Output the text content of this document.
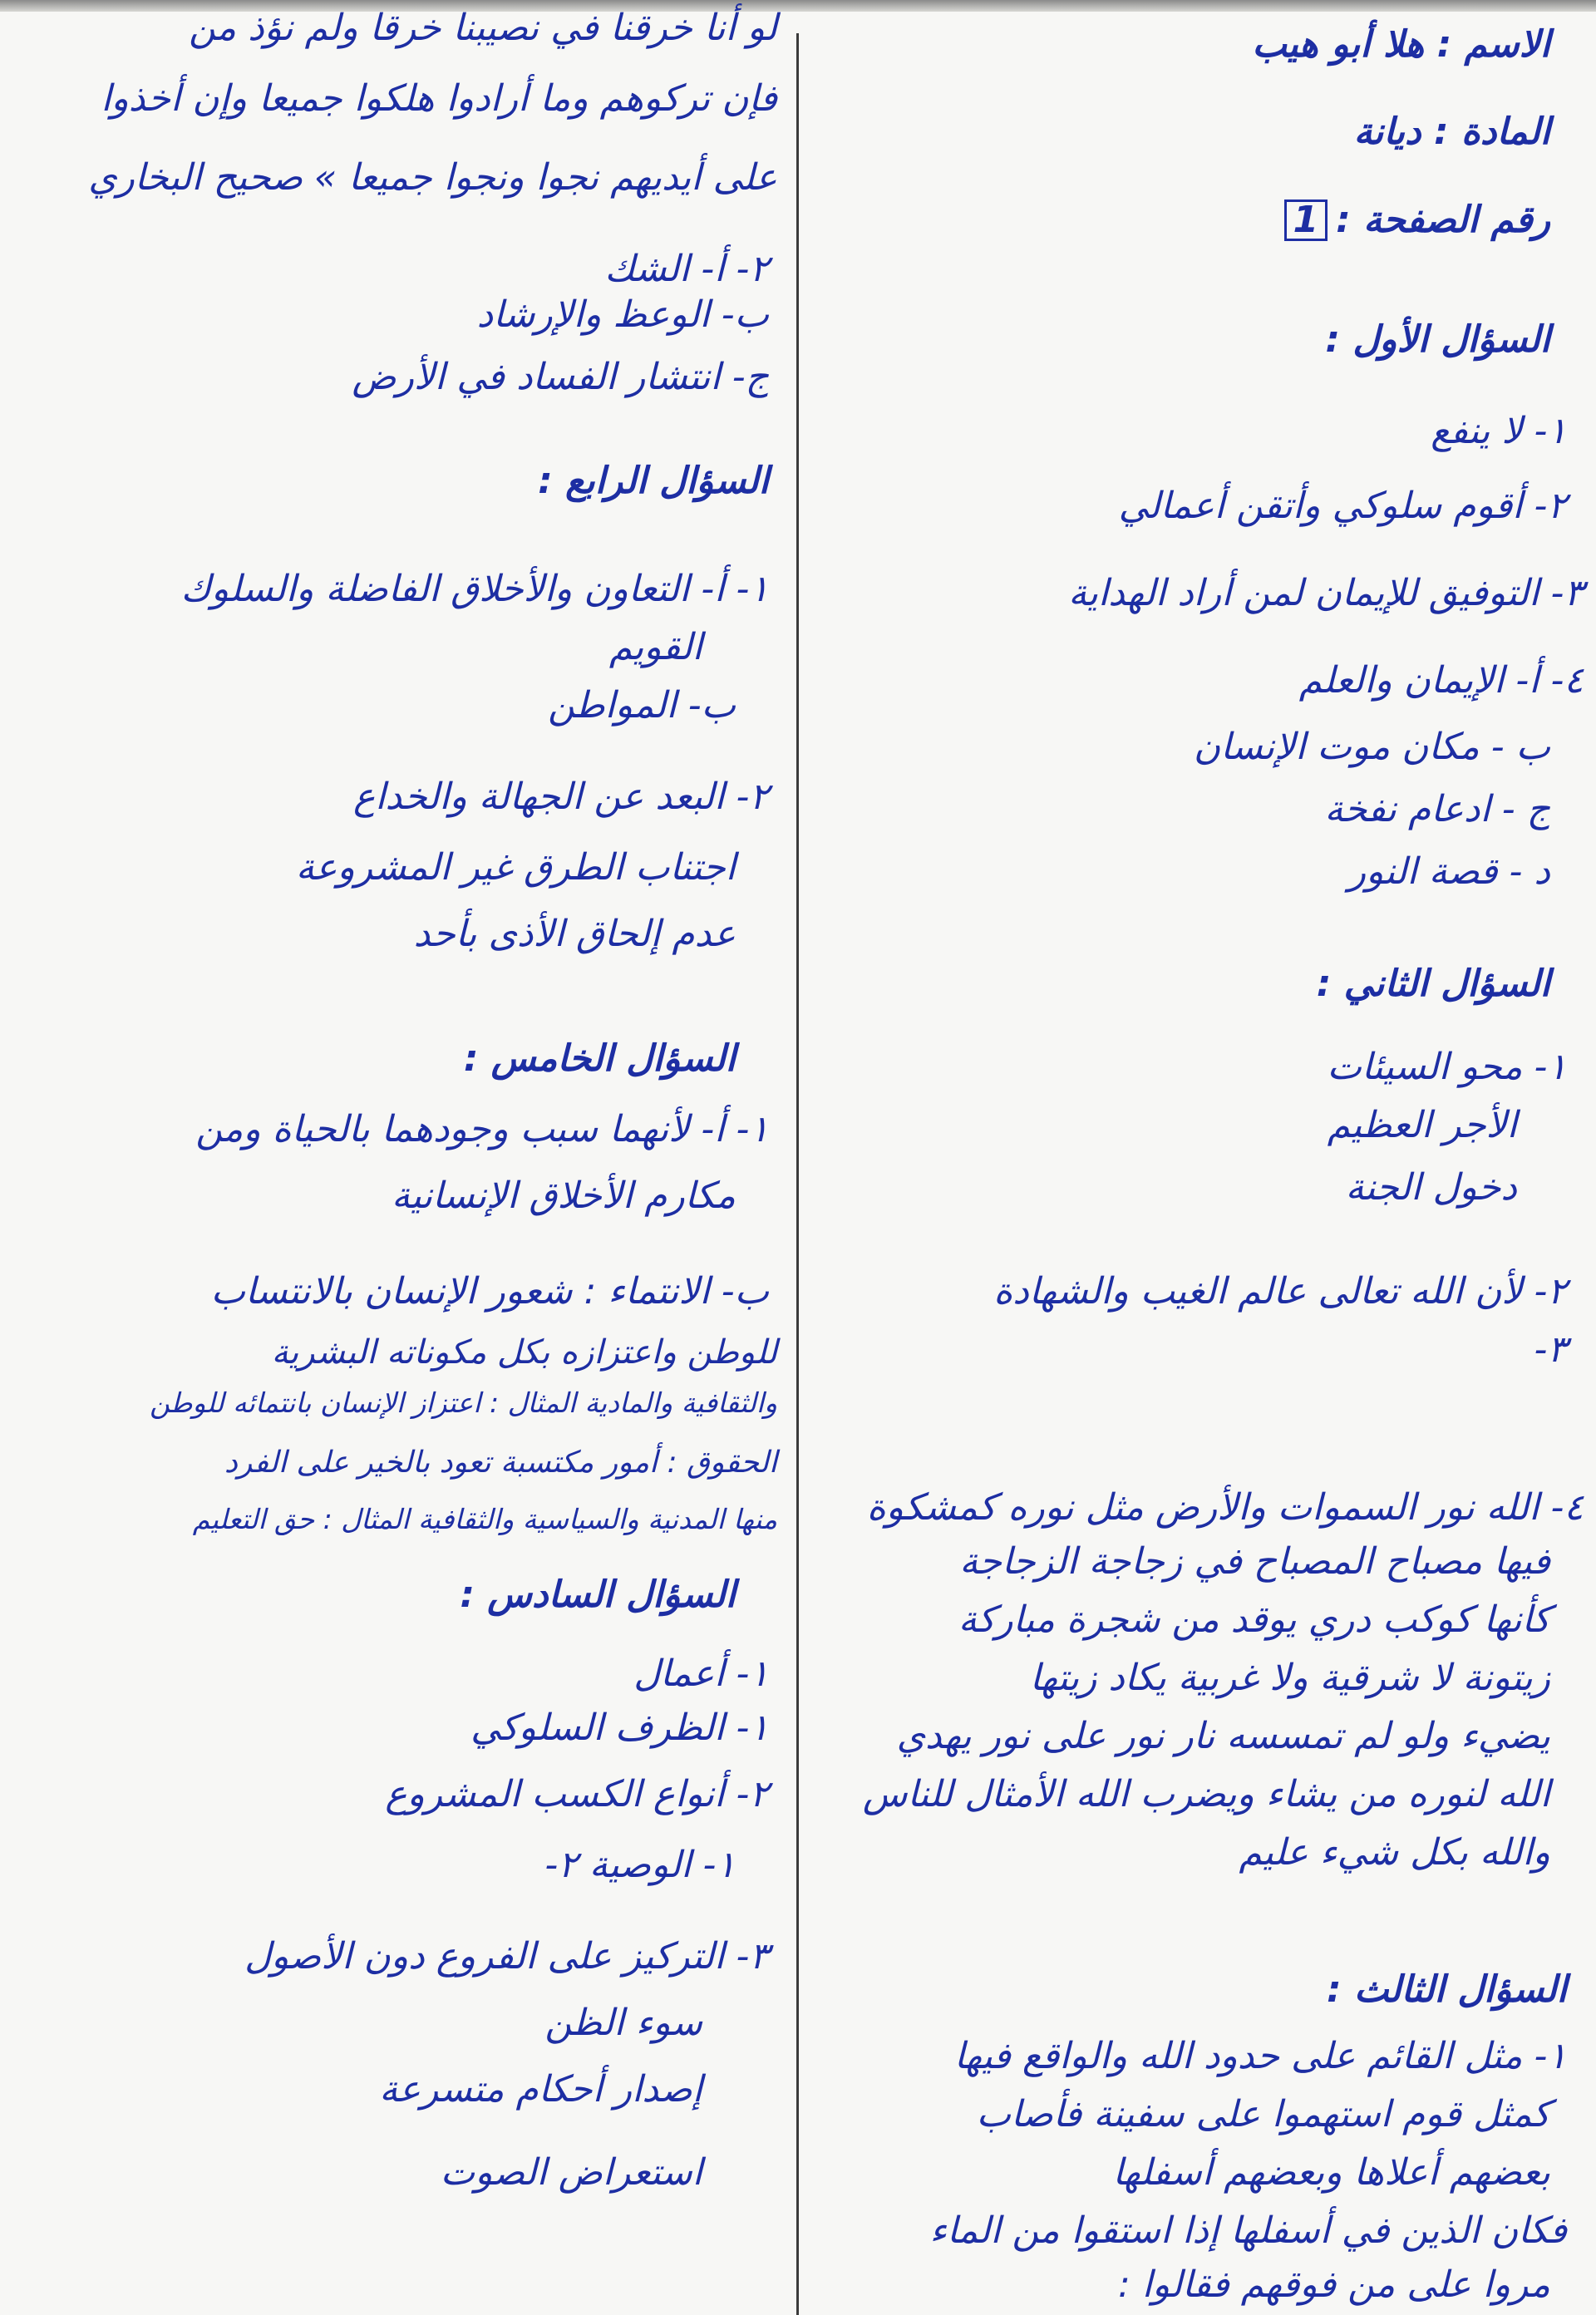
الاسم : هلا أبو هيب
المادة : ديانة
رقم الصفحة :1
السؤال الأول :
١- لا ينفع
٢- أقوم سلوكي وأتقن أعمالي
٣- التوفيق للإيمان لمن أراد الهداية
٤- أ- الإيمان والعلم
ب - مكان موت الإنسان
ج - ادعام نفخة
د - قصة النور
السؤال الثاني :
١- محو السيئات
الأجر العظيم
دخول الجنة
٢- لأن الله تعالى عالم الغيب والشهادة
٣-
٤- الله نور السموات والأرض مثل نوره كمشكوة
فيها مصباح المصباح في زجاجة الزجاجة
كأنها كوكب دري يوقد من شجرة مباركة
زيتونة لا شرقية ولا غربية يكاد زيتها
يضيء ولو لم تمسسه نار نور على نور يهدي
الله لنوره من يشاء ويضرب الله الأمثال للناس
والله بكل شيء عليم
السؤال الثالث :
١- مثل القائم على حدود الله والواقع فيها
كمثل قوم استهموا على سفينة فأصاب
بعضهم أعلاها وبعضهم أسفلها
فكان الذين في أسفلها إذا استقوا من الماء
مروا على من فوقهم فقالوا :
لو أنا خرقنا في نصيبنا خرقا ولم نؤذ من
فإن تركوهم وما أرادوا هلكوا جميعا وإن أخذوا
على أيديهم نجوا ونجوا جميعا » صحيح البخاري
٢- أ- الشك
ب- الوعظ والإرشاد
ج- انتشار الفساد في الأرض
السؤال الرابع :
١- أ- التعاون والأخلاق الفاضلة والسلوك
القويم
ب- المواطن
٢- البعد عن الجهالة والخداع
اجتناب الطرق غير المشروعة
عدم إلحاق الأذى بأحد
السؤال الخامس :
١- أ- لأنهما سبب وجودهما بالحياة ومن
مكارم الأخلاق الإنسانية
ب- الانتماء : شعور الإنسان بالانتساب
للوطن واعتزازه بكل مكوناته البشرية
والثقافية والمادية المثال : اعتزاز الإنسان بانتمائه للوطن
الحقوق : أمور مكتسبة تعود بالخير على الفرد
منها المدنية والسياسية والثقافية المثال : حق التعليم
السؤال السادس :
١- أعمال
١- الظرف السلوكي
٢- أنواع الكسب المشروع
١- الوصية ٢-
٣- التركيز على الفروع دون الأصول
سوء الظن
إصدار أحكام متسرعة
استعراض الصوت
